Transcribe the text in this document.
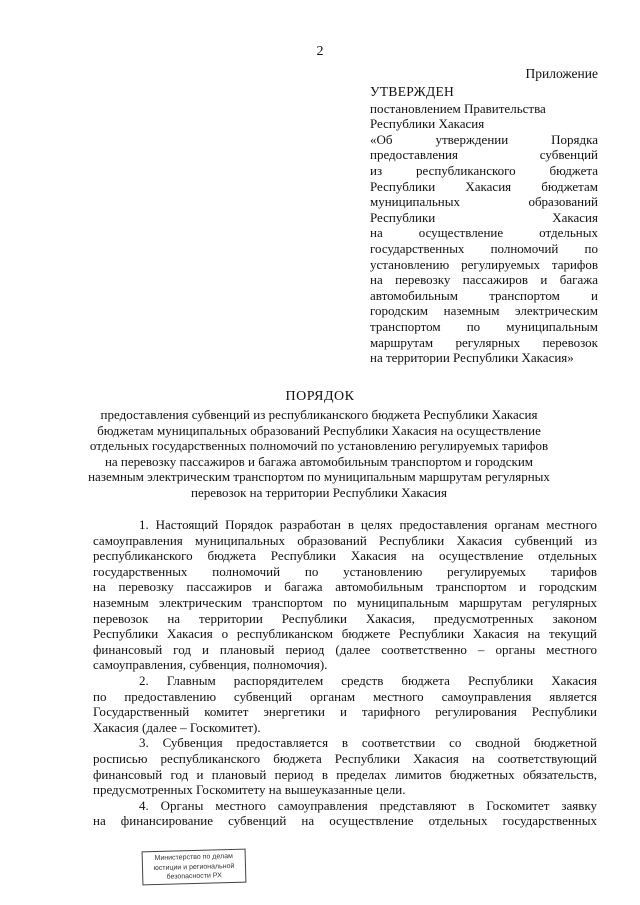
2
Приложение
УТВЕРЖДЕН
постановлением Правительства
Республики Хакасия
«Об утверждении Порядка
предоставления субвенций
из республиканского бюджета
Республики Хакасия бюджетам
муниципальных образований
Республики Хакасия
на осуществление отдельных
государственных полномочий по
установлению регулируемых тарифов
на перевозку пассажиров и багажа
автомобильным транспортом и
городским наземным электрическим
транспортом по муниципальным
маршрутам регулярных перевозок
на территории Республики Хакасия»
ПОРЯДОК
предоставления субвенций из республиканского бюджета Республики Хакасия бюджетам муниципальных образований Республики Хакасия на осуществление отдельных государственных полномочий по установлению регулируемых тарифов на перевозку пассажиров и багажа автомобильным транспортом и городским наземным электрическим транспортом по муниципальным маршрутам регулярных перевозок на территории Республики Хакасия
1. Настоящий Порядок разработан в целях предоставления органам местного
самоуправления муниципальных образований Республики Хакасия субвенций из
республиканского бюджета Республики Хакасия на осуществление отдельных
государственных полномочий по установлению регулируемых тарифов
на перевозку пассажиров и багажа автомобильным транспортом и городским
наземным электрическим транспортом по муниципальным маршрутам регулярных
перевозок на территории Республики Хакасия, предусмотренных законом
Республики Хакасия о республиканском бюджете Республики Хакасия на текущий
финансовый год и плановый период (далее соответственно – органы местного
самоуправления, субвенция, полномочия).
2. Главным распорядителем средств бюджета Республики Хакасия
по предоставлению субвенций органам местного самоуправления является
Государственный комитет энергетики и тарифного регулирования Республики
Хакасия (далее – Госкомитет).
3. Субвенция предоставляется в соответствии со сводной бюджетной
росписью республиканского бюджета Республики Хакасия на соответствующий
финансовый год и плановый период в пределах лимитов бюджетных обязательств,
предусмотренных Госкомитету на вышеуказанные цели.
4. Органы местного самоуправления представляют в Госкомитет заявку
на финансирование субвенций на осуществление отдельных государственных
Министерство по делам
юстиции и региональной
безопасности РХ
